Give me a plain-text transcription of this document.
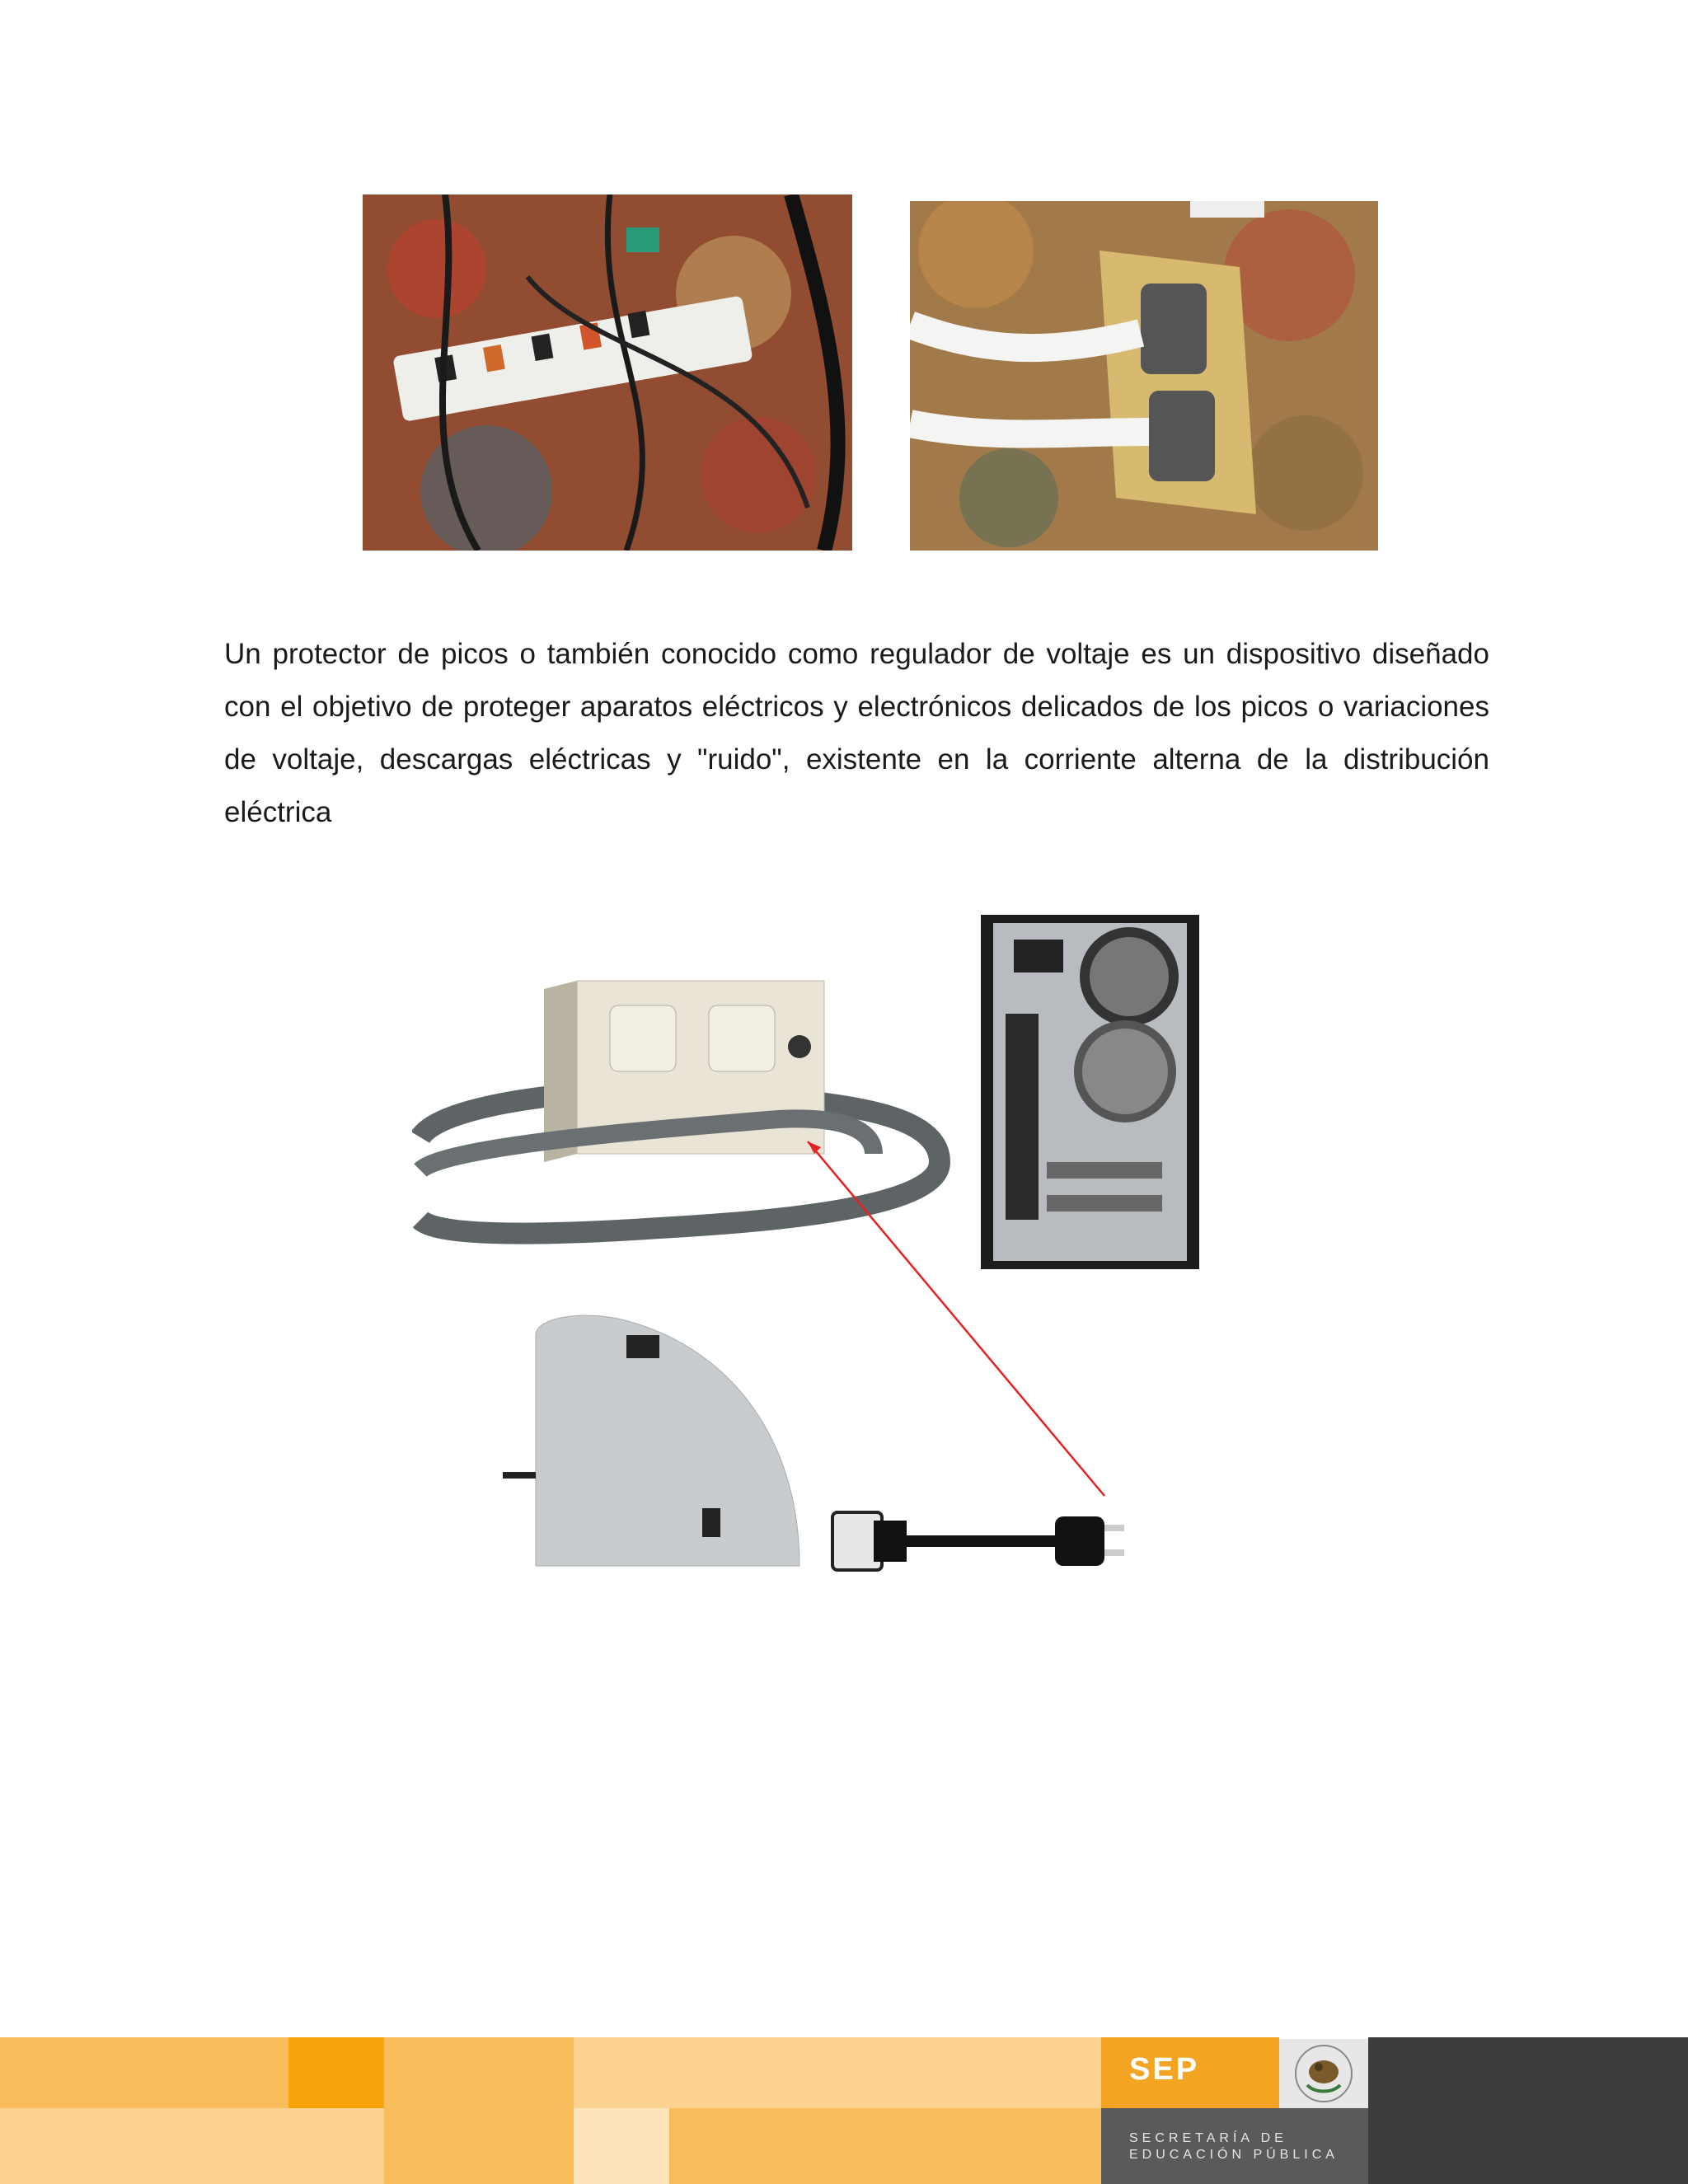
Un protector de picos o también conocido como regulador de voltaje es un dispositivo diseñado con el objetivo de proteger aparatos eléctricos y electrónicos delicados de los picos o variaciones de voltaje, descargas eléctricas y "ruido", existente en la corriente alterna de la distribución eléctrica

SEP
SECRETARÍA DE
EDUCACIÓN PÚBLICA
